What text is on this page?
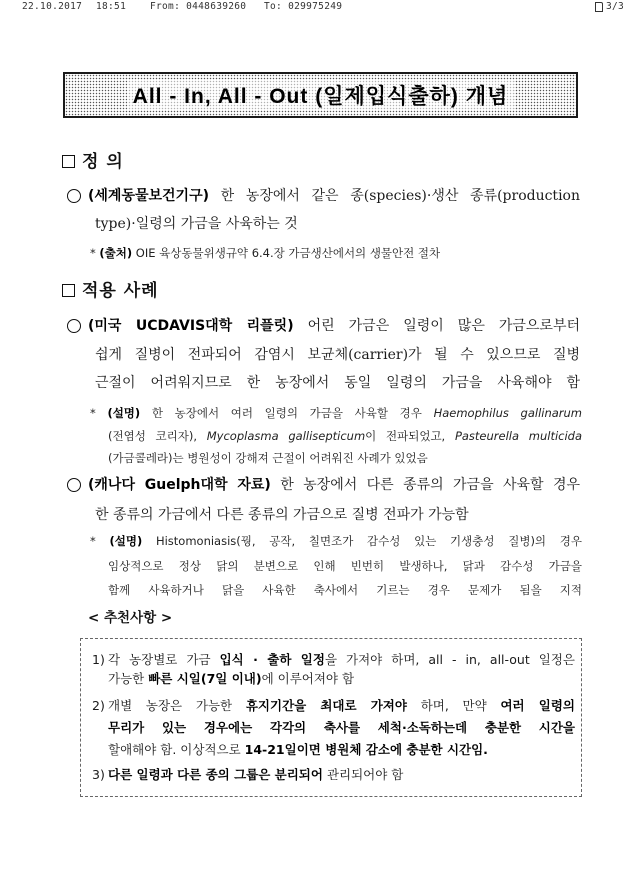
22.10.2017 18:51	From: 0448639260 To: 029975249	3/3
All - In, All - Out (일제입식출하) 개념
정 의
(세계동물보건기구) 한 농장에서 같은 종(species)·생산 종류(production
type)·일령의 가금을 사육하는 것
* (출처) OIE 육상동물위생규약 6.4.장 가금생산에서의 생물안전 절차
적용 사례
(미국 UCDAVIS대학 리플릿) 어린 가금은 일령이 많은 가금으로부터
쉽게 질병이 전파되어 감염시 보균체(carrier)가 될 수 있으므로 질병
근절이 어려워지므로 한 농장에서 동일 일령의 가금을 사육해야 함
* (설명) 한 농장에서 여러 일령의 가금을 사육할 경우 Haemophilus gallinarum
(전염성 코리자), Mycoplasma gallisepticum이 전파되었고, Pasteurella multicida
(가금콜레라)는 병원성이 강해져 근절이 어려워진 사례가 있었음
(캐나다 Guelph대학 자료) 한 농장에서 다른 종류의 가금을 사육할 경우
한 종류의 가금에서 다른 종류의 가금으로 질병 전파가 가능함
* (설명) Histomoniasis(꿩, 공작, 칠면조가 감수성 있는 기생충성 질병)의 경우
임상적으로 정상 닭의 분변으로 인해 빈번히 발생하나, 닭과 감수성 가금을
함께 사육하거나 닭을 사육한 축사에서 기르는 경우 문제가 됨을 지적
< 추천사항 >
1) 각 농장별로 가금 입식 · 출하 일정을 가져야 하며, all - in, all-out 일정은
가능한 빠른 시일(7일 이내)에 이루어져야 함
2) 개별 농장은 가능한 휴지기간을 최대로 가져야 하며, 만약 여러 일령의
무리가 있는 경우에는 각각의 축사를 세척·소독하는데 충분한 시간을
할애해야 함. 이상적으로 14-21일이면 병원체 감소에 충분한 시간임.
3) 다른 일령과 다른 종의 그룹은 분리되어 관리되어야 함
